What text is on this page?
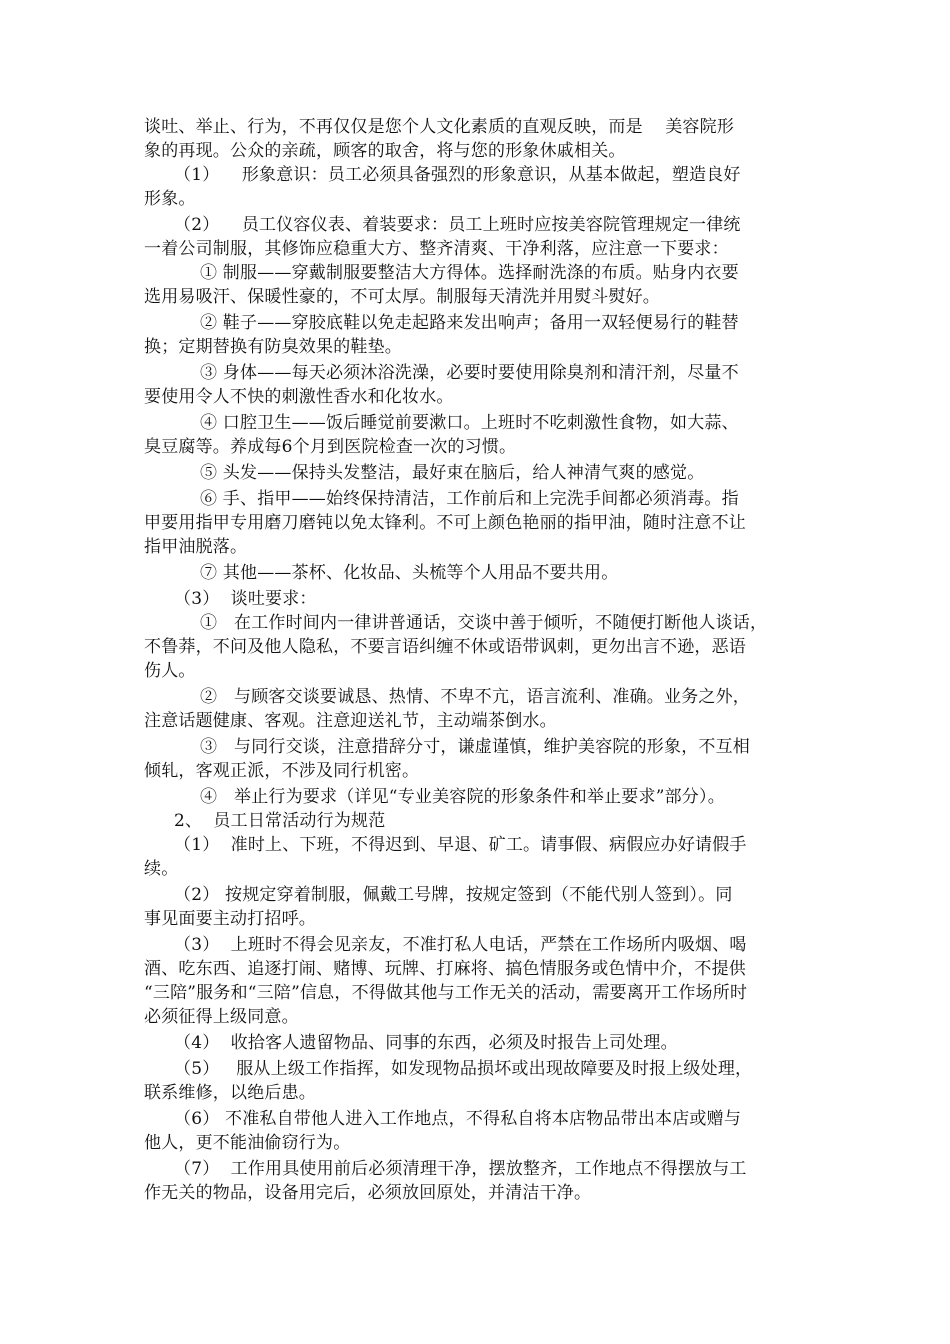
谈吐、举止、行为，不再仅仅是您个人文化素质的直观反映，而是    美容院形
象的再现。公众的亲疏，顾客的取舍，将与您的形象休戚相关。
（1）    形象意识：员工必须具备强烈的形象意识，从基本做起，塑造良好
形象。
（2）    员工仪容仪表、着装要求：员工上班时应按美容院管理规定一律统
一着公司制服，其修饰应稳重大方、整齐清爽、干净利落，应注意一下要求：
① 制服——穿戴制服要整洁大方得体。选择耐洗涤的布质。贴身内衣要
选用易吸汗、保暖性豪的，不可太厚。制服每天清洗并用熨斗熨好。
② 鞋子——穿胶底鞋以免走起路来发出响声；备用一双轻便易行的鞋替
换；定期替换有防臭效果的鞋垫。
③ 身体——每天必须沐浴洗澡，必要时要使用除臭剂和清汗剂，尽量不
要使用令人不快的刺激性香水和化妆水。
④ 口腔卫生——饭后睡觉前要漱口。上班时不吃刺激性食物，如大蒜、
臭豆腐等。养成每6个月到医院检查一次的习惯。
⑤ 头发——保持头发整洁，最好束在脑后，给人神清气爽的感觉。
⑥ 手、指甲——始终保持清洁，工作前后和上完洗手间都必须消毒。指
甲要用指甲专用磨刀磨钝以免太锋利。不可上颜色艳丽的指甲油，随时注意不让
指甲油脱落。
⑦ 其他——茶杯、化妆品、头梳等个人用品不要共用。
（3）  谈吐要求：
①   在工作时间内一律讲普通话，交谈中善于倾听，不随便打断他人谈话，
不鲁莽，不问及他人隐私，不要言语纠缠不休或语带讽刺，更勿出言不逊，恶语
伤人。
②   与顾客交谈要诚恳、热情、不卑不亢，语言流利、准确。业务之外，
注意话题健康、客观。注意迎送礼节，主动端茶倒水。
③   与同行交谈，注意措辞分寸，谦虚谨慎，维护美容院的形象，不互相
倾轧，客观正派，不涉及同行机密。
④   举止行为要求（详见“专业美容院的形象条件和举止要求”部分）。
2、  员工日常活动行为规范
（1）  准时上、下班，不得迟到、早退、矿工。请事假、病假应办好请假手
续。
（2） 按规定穿着制服，佩戴工号牌，按规定签到（不能代别人签到）。同
事见面要主动打招呼。
（3）  上班时不得会见亲友，不准打私人电话，严禁在工作场所内吸烟、喝
酒、吃东西、追逐打闹、赌博、玩牌、打麻将、搞色情服务或色情中介，不提供
“三陪”服务和“三陪”信息，不得做其他与工作无关的活动，需要离开工作场所时
必须征得上级同意。
（4）  收拾客人遗留物品、同事的东西，必须及时报告上司处理。
（5）   服从上级工作指挥，如发现物品损坏或出现故障要及时报上级处理，
联系维修，以绝后患。
（6） 不准私自带他人进入工作地点，不得私自将本店物品带出本店或赠与
他人，更不能油偷窃行为。
（7）  工作用具使用前后必须清理干净，摆放整齐，工作地点不得摆放与工
作无关的物品，设备用完后，必须放回原处，并清洁干净。
